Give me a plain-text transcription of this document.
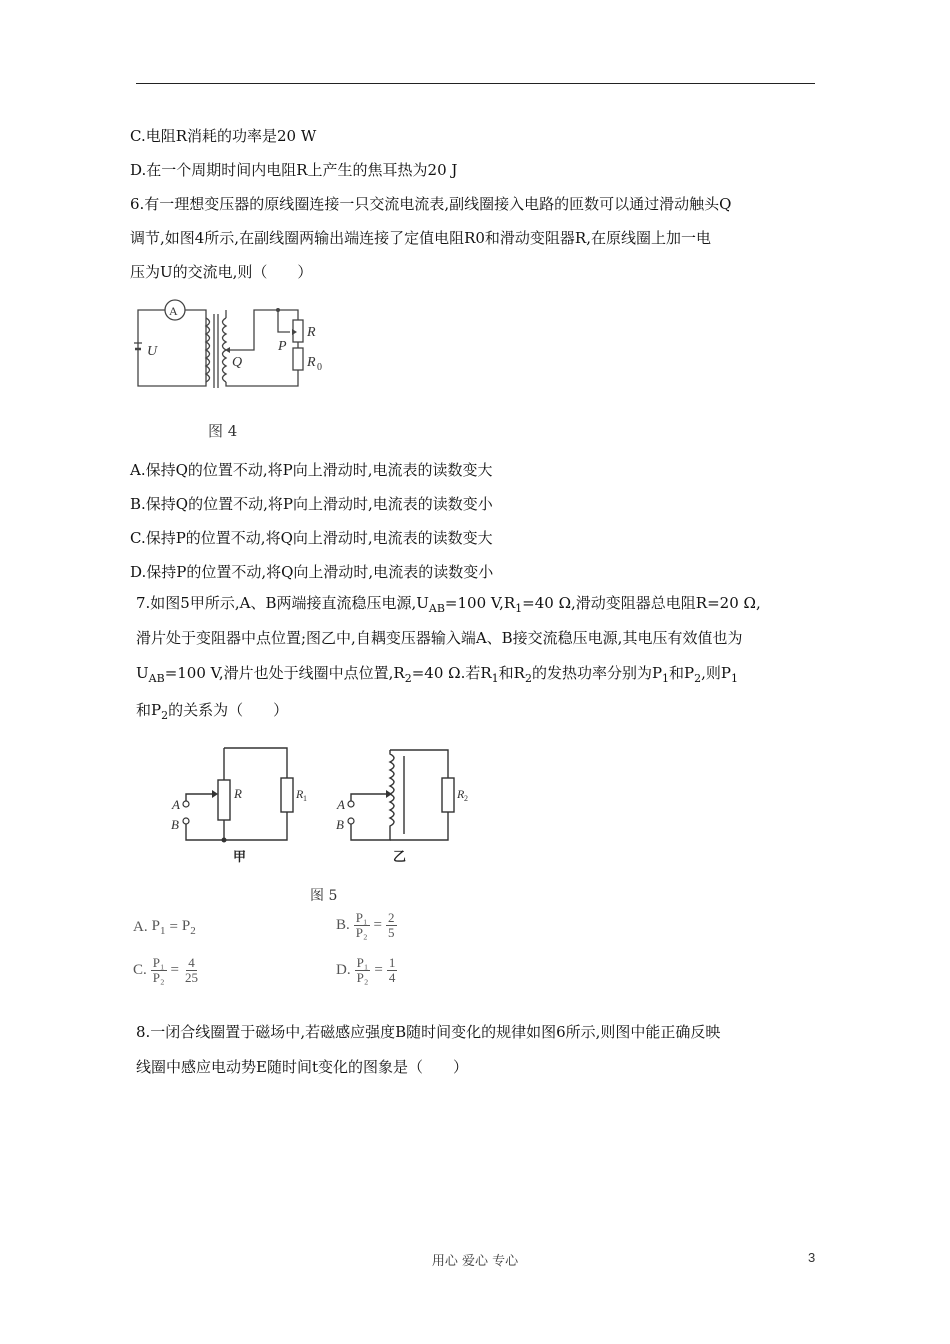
C.电阻R消耗的功率是20 W
D.在一个周期时间内电阻R上产生的焦耳热为20 J
6.有一理想变压器的原线圈连接一只交流电流表,副线圈接入电路的匝数可以通过滑动触头Q
调节,如图4所示,在副线圈两输出端连接了定值电阻R0和滑动变阻器R,在原线圈上加一电
压为U的交流电,则（　　）
A
U
Q
P
R
R 0
图 4
A.保持Q的位置不动,将P向上滑动时,电流表的读数变大
B.保持Q的位置不动,将P向上滑动时,电流表的读数变小
C.保持P的位置不动,将Q向上滑动时,电流表的读数变大
D.保持P的位置不动,将Q向上滑动时,电流表的读数变小
7.如图5甲所示,A、B两端接直流稳压电源$,U_{AB}=100$ $V,R_1=40$ Ω,滑动变阻器总电阻R=20 Ω,
滑片处于变阻器中点位置;图乙中,自耦变压器输入端A、B接交流稳压电源,其电压有效值也为
$U_{AB}=100$ V,滑片也处于线圈中点位置$,R_2=40$ Ω.若$R_1$和$R_2$的发热功率分别为$P_1$和$P_2$,则$P_1$
和$P_2$的关系为（　　）
A
B
R	R 1
甲
A
B
R 2
乙
图 5
A. $P_1 = P_2$	B. $\frac{\text{P₁}}{\text{P₂}} = \frac{2}{5}$
C. $\frac{\text{P₁}}{\text{P₂}} = \frac{4}{25}$	D. $\frac{\text{P₁}}{\text{P₂}} = \frac{1}{4}$
8.一闭合线圈置于磁场中,若磁感应强度B随时间变化的规律如图6所示,则图中能正确反映
线圈中感应电动势E随时间t变化的图象是（　　）
用心 爱心 专心	3
